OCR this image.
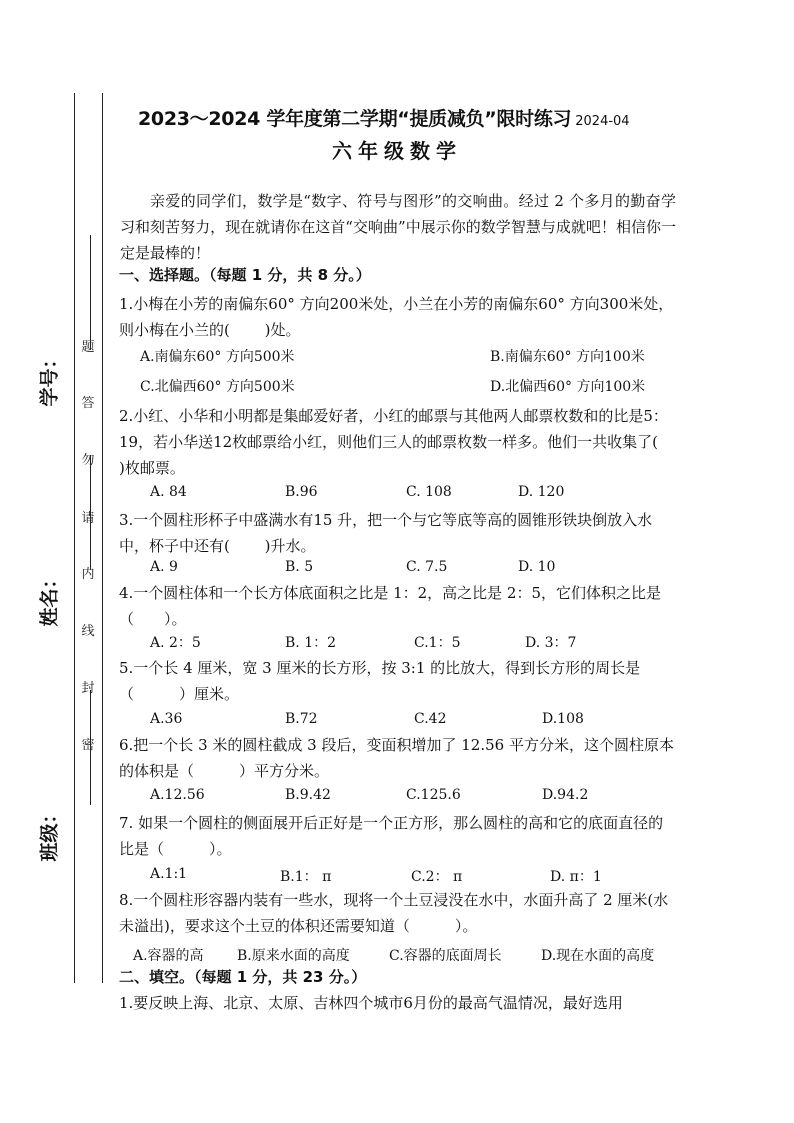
题
答
勿
请
内
线
封
密
学号：
姓名：
班级：
2023～2024 学年度第二学期“提质减负”限时练习 2024-04
六年级数学
亲爱的同学们，数学是“数字、符号与图形”的交响曲。经过 2 个多月的勤奋学习和刻苦努力，现在就请你在这首“交响曲”中展示你的数学智慧与成就吧！相信你一定是最棒的！
一、选择题。（每题 1 分，共 8 分。）
1.小梅在小芳的南偏东60° 方向200米处，小兰在小芳的南偏东60° 方向300米处，则小梅在小兰的(　　 )处。
A.南偏东60° 方向500米	B.南偏东60° 方向100米
C.北偏西60° 方向500米	D.北偏西60° 方向100米
2.小红、小华和小明都是集邮爱好者，小红的邮票与其他两人邮票枚数和的比是5：19，若小华送12枚邮票给小红，则他们三人的邮票枚数一样多。他们一共收集了(　　 )枚邮票。
A. 84	B.96	C. 108	D. 120
3.一个圆柱形杯子中盛满水有15 升，把一个与它等底等高的圆锥形铁块倒放入水中，杯子中还有(　　 )升水。
A. 9	B. 5	C. 7.5	D. 10
4.一个圆柱体和一个长方体底面积之比是 1：2，高之比是 2：5，它们体积之比是（　　）。
A. 2：5	B. 1：2	C.1：5	D. 3：7
5.一个长 4 厘米，宽 3 厘米的长方形，按 3:1 的比放大，得到长方形的周长是（　　　）厘米。
A.36	B.72	C.42	D.108
6.把一个长 3 米的圆柱截成 3 段后，变面积增加了 12.56 平方分米，这个圆柱原本的体积是（　　　）平方分米。
A.12.56	B.9.42	C.125.6	D.94.2
7. 如果一个圆柱的侧面展开后正好是一个正方形，那么圆柱的高和它的底面直径的比是（　　　）。
A.1:1	B.1： π	C.2： π	D. π：1
8.一个圆柱形容器内装有一些水，现将一个土豆浸没在水中，水面升高了 2 厘米(水未溢出)，要求这个土豆的体积还需要知道（　　　）。
A.容器的高 B.原来水面的高度	C.容器的底面周长	D.现在水面的高度
二、填空。（每题 1 分，共 23 分。）
1.要反映上海、北京、太原、吉林四个城市6月份的最高气温情况，最好选用
